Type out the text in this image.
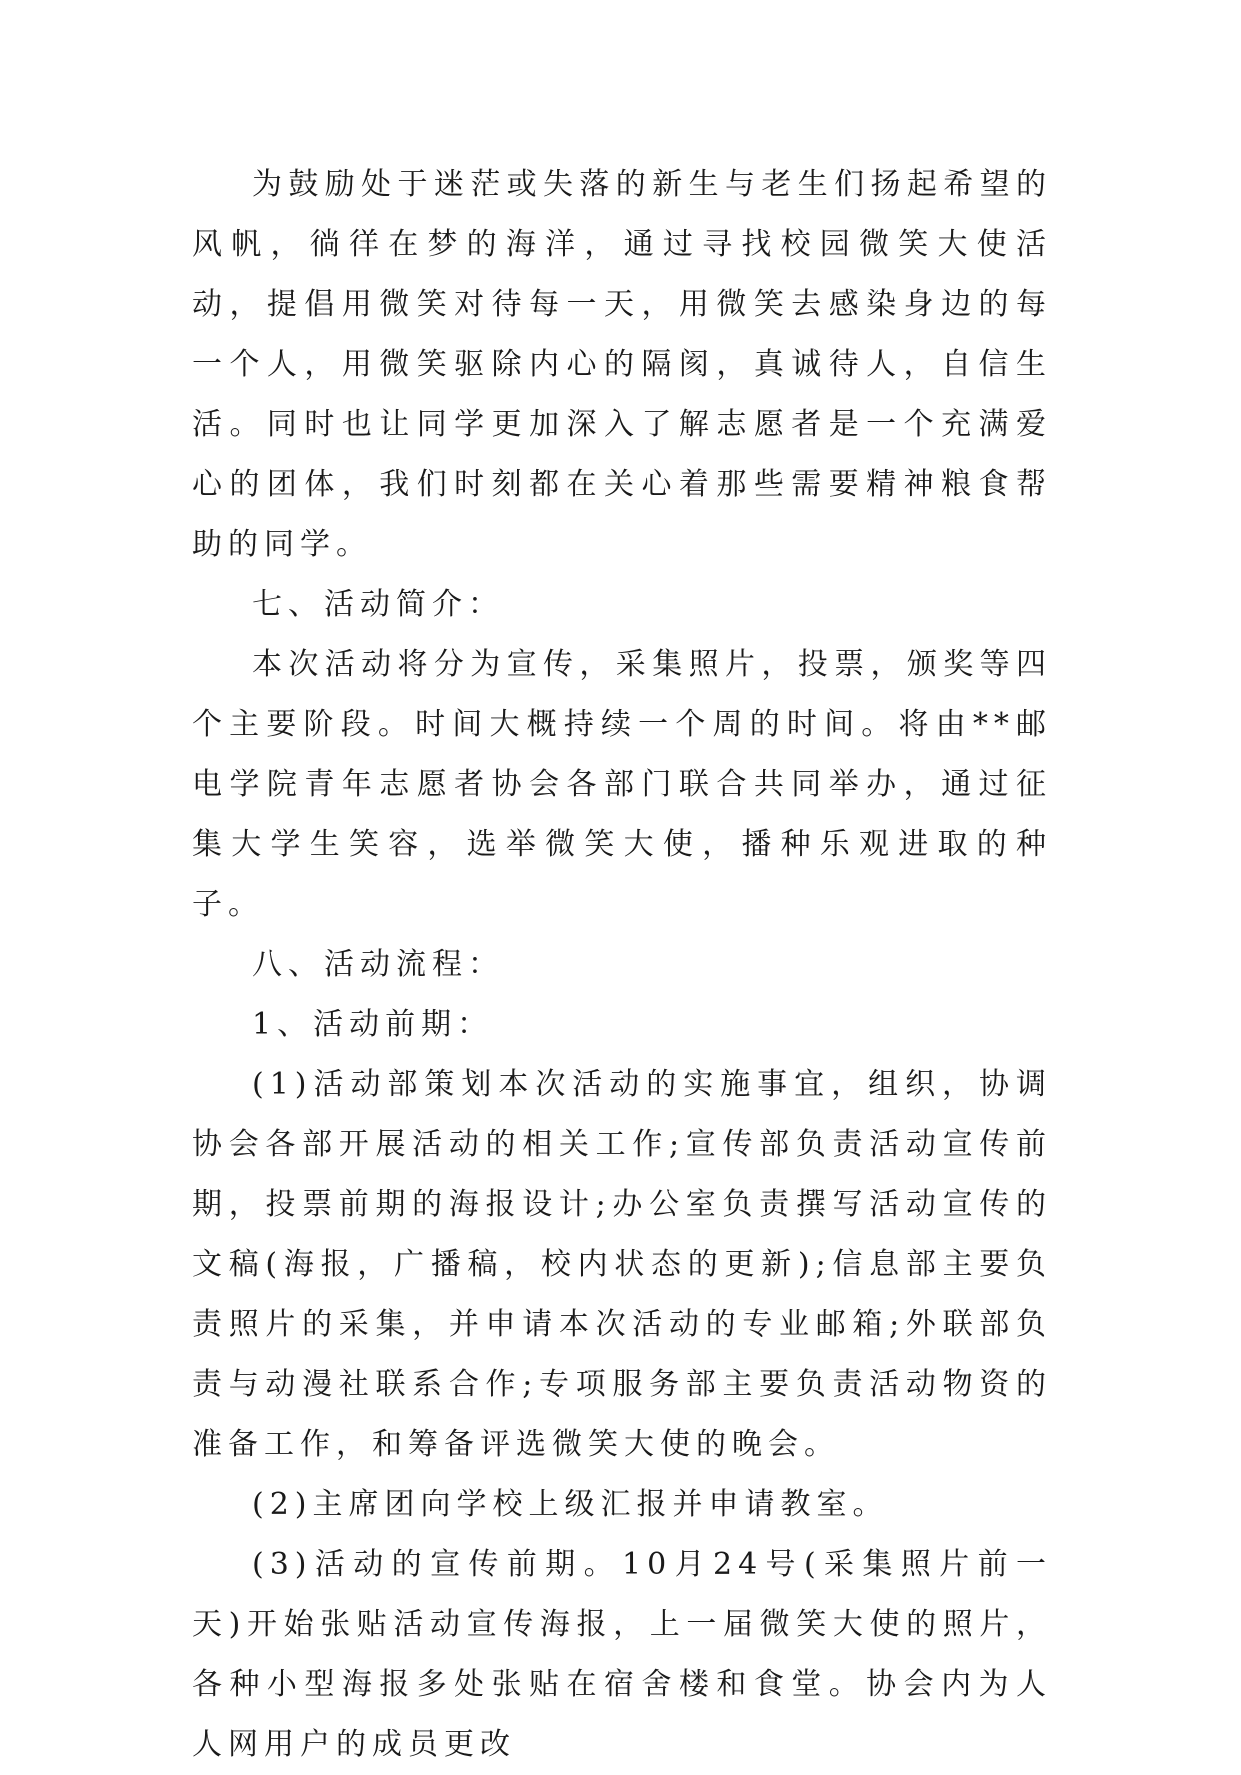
为鼓励处于迷茫或失落的新生与老生们扬起希望的风帆，徜徉在梦的海洋，通过寻找校园微笑大使活动，提倡用微笑对待每一天，用微笑去感染身边的每一个人，用微笑驱除内心的隔阂，真诚待人，自信生活。同时也让同学更加深入了解志愿者是一个充满爱心的团体，我们时刻都在关心着那些需要精神粮食帮助的同学。

七、活动简介：

本次活动将分为宣传，采集照片，投票，颁奖等四个主要阶段。时间大概持续一个周的时间。将由**邮电学院青年志愿者协会各部门联合共同举办，通过征集大学生笑容，选举微笑大使，播种乐观进取的种子。

八、活动流程：

1、活动前期：

(1)活动部策划本次活动的实施事宜，组织，协调协会各部开展活动的相关工作;宣传部负责活动宣传前期，投票前期的海报设计;办公室负责撰写活动宣传的文稿(海报，广播稿，校内状态的更新);信息部主要负责照片的采集，并申请本次活动的专业邮箱;外联部负责与动漫社联系合作;专项服务部主要负责活动物资的准备工作，和筹备评选微笑大使的晚会。

(2)主席团向学校上级汇报并申请教室。

(3)活动的宣传前期。10月24号(采集照片前一天)开始张贴活动宣传海报，上一届微笑大使的照片，各种小型海报多处张贴在宿舍楼和食堂。协会内为人人网用户的成员更改
